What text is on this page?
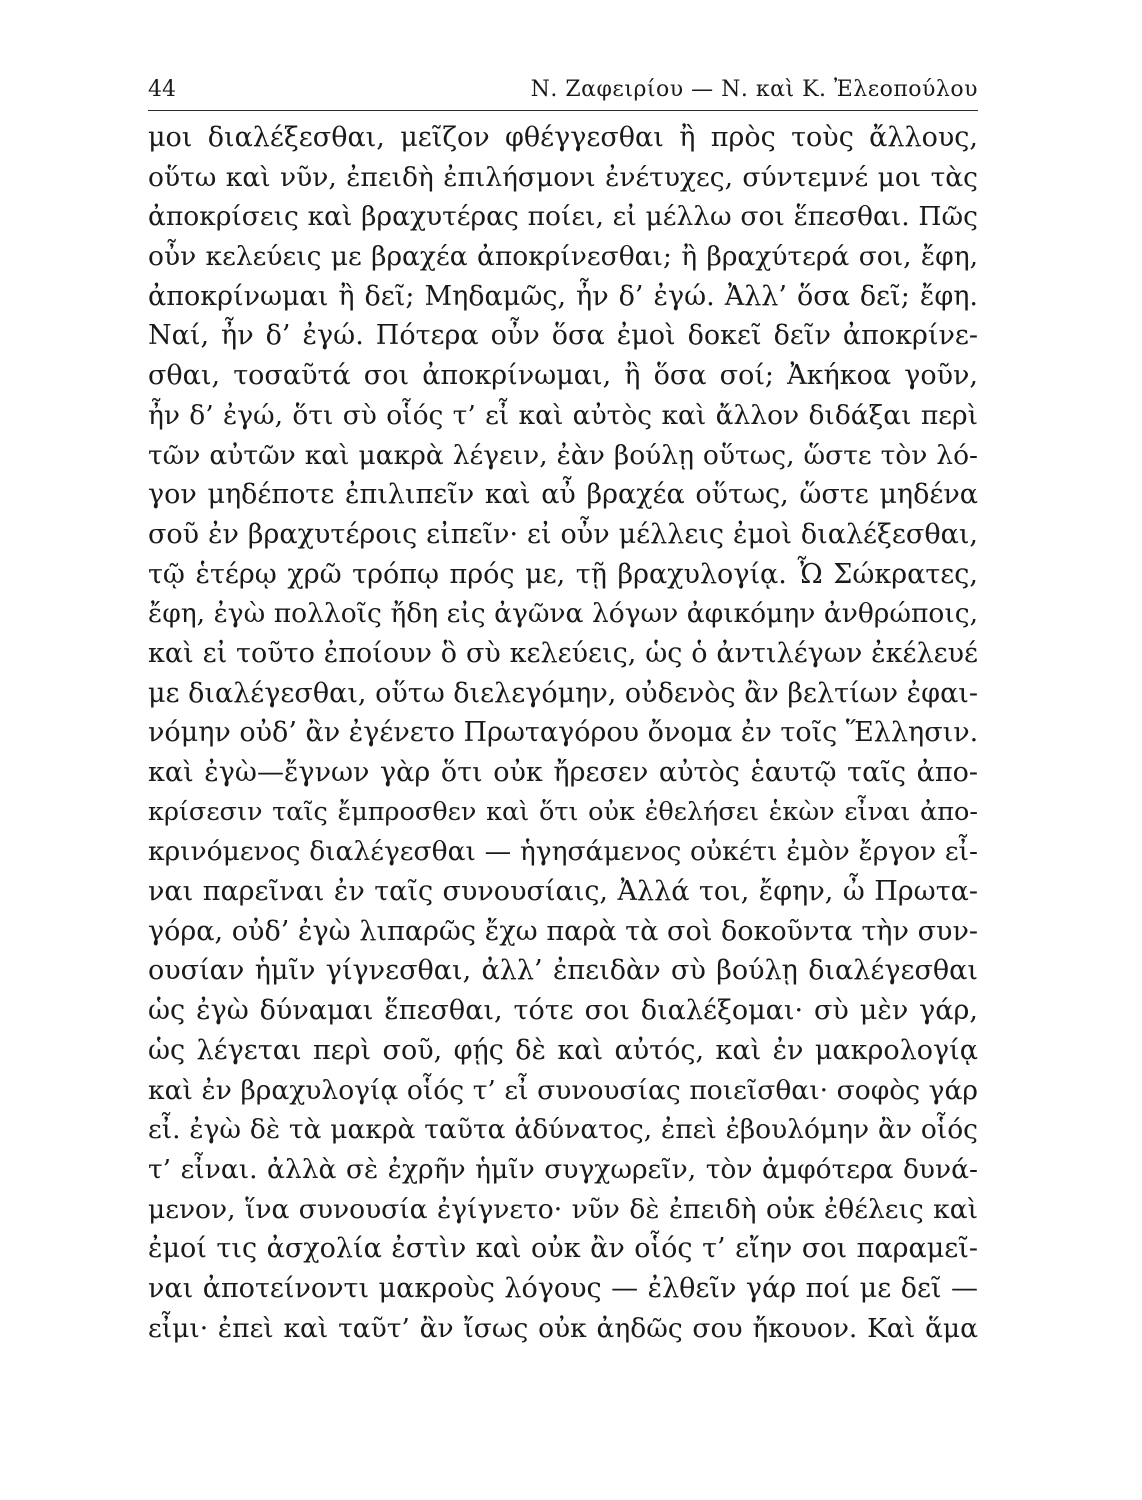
44	Ν. Ζαφειρίου — Ν. καὶ Κ. Ἐλεοπούλου
μοι διαλέξεσθαι, μεῖζον φθέγγεσθαι ἢ πρὸς τοὺς ἄλλους,
οὕτω καὶ νῦν, ἐπειδὴ ἐπιλήσμονι ἐνέτυχες, σύντεμνέ μοι τὰς
ἀποκρίσεις καὶ βραχυτέρας ποίει, εἰ μέλλω σοι ἕπεσθαι. Πῶς
οὖν κελεύεις με βραχέα ἀποκρίνεσθαι; ἢ βραχύτερά σοι, ἔφη,
ἀποκρίνωμαι ἢ δεῖ; Μηδαμῶς, ἦν δ’ ἐγώ. Ἀλλ’ ὅσα δεῖ; ἔφη.
Ναί, ἦν δ’ ἐγώ. Πότερα οὖν ὅσα ἐμοὶ δοκεῖ δεῖν ἀποκρίνε-
σθαι, τοσαῦτά σοι ἀποκρίνωμαι, ἢ ὅσα σοί; Ἀκήκοα γοῦν,
ἦν δ’ ἐγώ, ὅτι σὺ οἷός τ’ εἶ καὶ αὐτὸς καὶ ἄλλον διδάξαι περὶ
τῶν αὐτῶν καὶ μακρὰ λέγειν, ἐὰν βούλῃ οὕτως, ὥστε τὸν λό-
γον μηδέποτε ἐπιλιπεῖν καὶ αὖ βραχέα οὕτως, ὥστε μηδένα
σοῦ ἐν βραχυτέροις εἰπεῖν· εἰ οὖν μέλλεις ἐμοὶ διαλέξεσθαι,
τῷ ἑτέρῳ χρῶ τρόπῳ πρός με, τῇ βραχυλογίᾳ. Ὦ Σώκρατες,
ἔφη, ἐγὼ πολλοῖς ἤδη εἰς ἀγῶνα λόγων ἀφικόμην ἀνθρώποις,
καὶ εἰ τοῦτο ἐποίουν ὃ σὺ κελεύεις, ὡς ὁ ἀντιλέγων ἐκέλευέ
με διαλέγεσθαι, οὕτω διελεγόμην, οὐδενὸς ἂν βελτίων ἐφαι-
νόμην οὐδ’ ἂν ἐγένετο Πρωταγόρου ὄνομα ἐν τοῖς Ἕλλησιν.
καὶ ἐγὼ—ἔγνων γὰρ ὅτι οὐκ ἤρεσεν αὐτὸς ἑαυτῷ ταῖς ἀπο-
κρίσεσιν ταῖς ἔμπροσθεν καὶ ὅτι οὐκ ἐθελήσει ἑκὼν εἶναι ἀπο-
κρινόμενος διαλέγεσθαι — ἡγησάμενος οὐκέτι ἐμὸν ἔργον εἶ-
ναι παρεῖναι ἐν ταῖς συνουσίαις, Ἀλλά τοι, ἔφην, ὦ Πρωτα-
γόρα, οὐδ’ ἐγὼ λιπαρῶς ἔχω παρὰ τὰ σοὶ δοκοῦντα τὴν συν-
ουσίαν ἡμῖν γίγνεσθαι, ἀλλ’ ἐπειδὰν σὺ βούλῃ διαλέγεσθαι
ὡς ἐγὼ δύναμαι ἕπεσθαι, τότε σοι διαλέξομαι· σὺ μὲν γάρ,
ὡς λέγεται περὶ σοῦ, φῄς δὲ καὶ αὐτός, καὶ ἐν μακρολογίᾳ
καὶ ἐν βραχυλογίᾳ οἷός τ’ εἶ συνουσίας ποιεῖσθαι· σοφὸς γάρ
εἶ. ἐγὼ δὲ τὰ μακρὰ ταῦτα ἀδύνατος, ἐπεὶ ἐβουλόμην ἂν οἷός
τ’ εἶναι. ἀλλὰ σὲ ἐχρῆν ἡμῖν συγχωρεῖν, τὸν ἀμφότερα δυνά-
μενον, ἵνα συνουσία ἐγίγνετο· νῦν δὲ ἐπειδὴ οὐκ ἐθέλεις καὶ
ἐμοί τις ἀσχολία ἐστὶν καὶ οὐκ ἂν οἷός τ’ εἴην σοι παραμεῖ-
ναι ἀποτείνοντι μακροὺς λόγους — ἐλθεῖν γάρ ποί με δεῖ —
εἶμι· ἐπεὶ καὶ ταῦτ’ ἂν ἴσως οὐκ ἀηδῶς σου ἤκουον. Καὶ ἅμα
